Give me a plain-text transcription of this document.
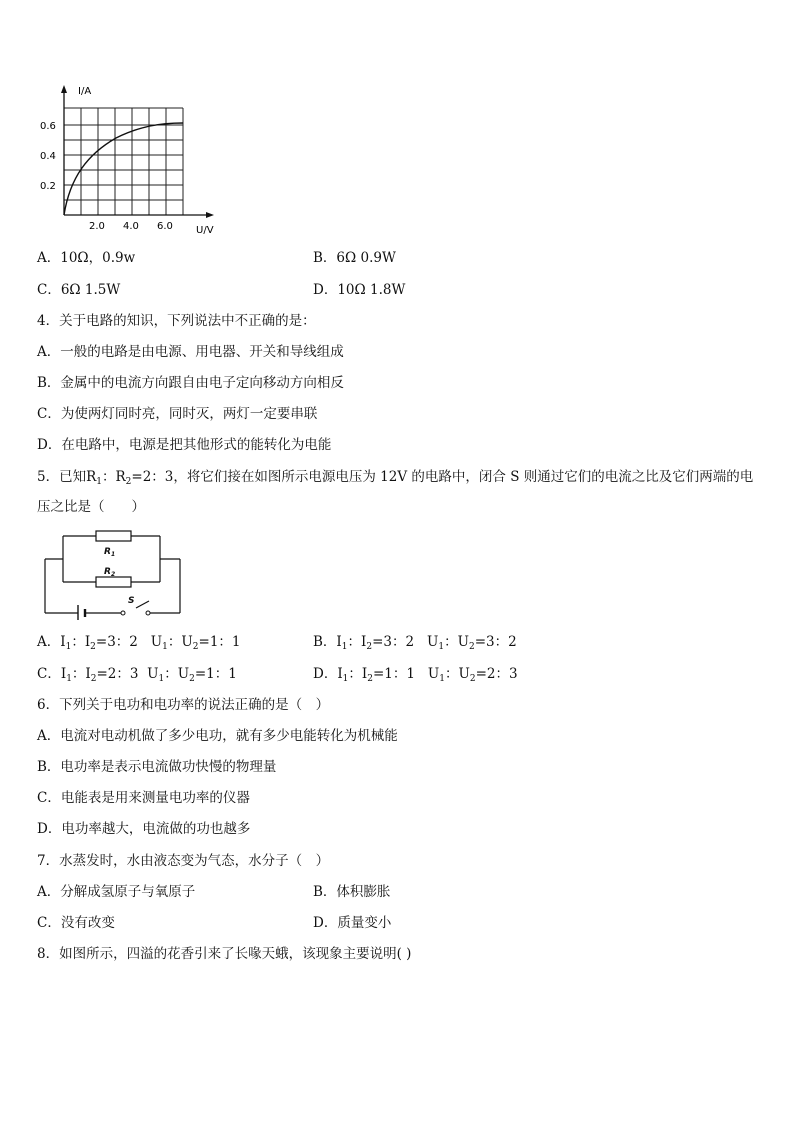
I/A
0.6
0.4
0.2
2.0 4.0 6.0 U/V
A．10Ω，0.9w	B．6Ω 0.9W
C．6Ω 1.5W	D．10Ω 1.8W
4．关于电路的知识，下列说法中不正确的是：
A．一般的电路是由电源、用电器、开关和导线组成
B．金属中的电流方向跟自由电子定向移动方向相反
C．为使两灯同时亮，同时灭，两灯一定要串联
D．在电路中，电源是把其他形式的能转化为电能
5．已知$R_1$：$R_2=2$：3，将它们接在如图所示电源电压为 12V 的电路中，闭合 S 则通过它们的电流之比及它们两端的电
压之比是（　　）
$R_1$
$R_2$
S
A．$I_1$：$I_2=3$：2 $U_1$：$U_2=1$：1	B．$I_1$：$I_2=3$：2 $U_1$：$U_2=3$：2
C．$I_1$：$I_2=2$：3 $U_1$：$U_2=1$：1	D．$I_1$：$I_2=1$：1 $U_1$：$U_2=2$：3
6．下列关于电功和电功率的说法正确的是（　）
A．电流对电动机做了多少电功，就有多少电能转化为机械能
B．电功率是表示电流做功快慢的物理量
C．电能表是用来测量电功率的仪器
D．电功率越大，电流做的功也越多
7．水蒸发时，水由液态变为气态，水分子（　）
A．分解成氢原子与氧原子	B．体积膨胀
C．没有改变	D．质量变小
8．如图所示，四溢的花香引来了长喙天蛾，该现象主要说明( )
